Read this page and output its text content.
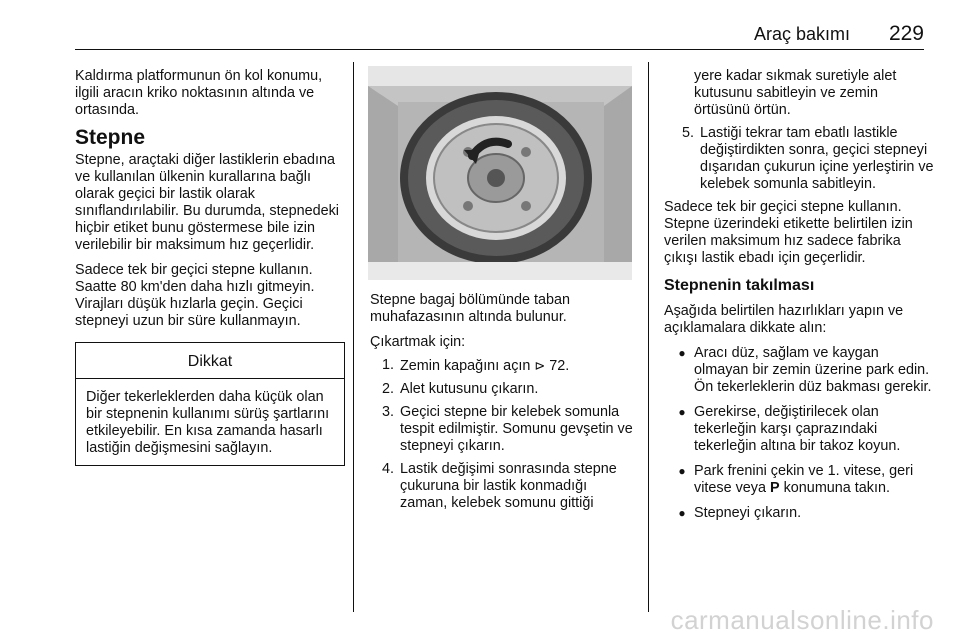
Araç bakımı 229

Kaldırma platformunun ön kol konumu, ilgili aracın kriko noktasının altında ve ortasında.

Stepne

Stepne, araçtaki diğer lastiklerin ebadına ve kullanılan ülkenin kurallarına bağlı olarak geçici bir lastik olarak sınıflandırılabilir. Bu durumda, stepnedeki hiçbir etiket bunu göstermese bile izin verilebilir bir maksimum hız geçerlidir.

Sadece tek bir geçici stepne kullanın. Saatte 80 km'den daha hızlı gitmeyin. Virajları düşük hızlarla geçin. Geçici stepneyi uzun bir süre kullanmayın.

Dikkat
Diğer tekerleklerden daha küçük olan bir stepnenin kullanımı sürüş şartlarını etkileyebilir. En kısa zamanda hasarlı lastiğin değişmesini sağlayın.

Stepne bagaj bölümünde taban muhafazasının altında bulunur.

Çıkartmak için:

1. Zemin kapağını açın ⊳ 72.
2. Alet kutusunu çıkarın.
3. Geçici stepne bir kelebek somunla tespit edilmiştir. Somunu gevşetin ve stepneyi çıkarın.
4. Lastik değişimi sonrasında stepne çukuruna bir lastik konmadığı zaman, kelebek somunu gittiği

yere kadar sıkmak suretiyle alet kutusunu sabitleyin ve zemin örtüsünü örtün.

5. Lastiği tekrar tam ebatlı lastikle değiştirdikten sonra, geçici stepneyi dışarıdan çukurun içine yerleştirin ve kelebek somunla sabitleyin.

Sadece tek bir geçici stepne kullanın. Stepne üzerindeki etikette belirtilen izin verilen maksimum hız sadece fabrika çıkışı lastik ebadı için geçerlidir.

Stepnenin takılması

Aşağıda belirtilen hazırlıkları yapın ve açıklamalara dikkate alın:

● Aracı düz, sağlam ve kaygan olmayan bir zemin üzerine park edin. Ön tekerleklerin düz bakması gerekir.
● Gerekirse, değiştirilecek olan tekerleğin karşı çaprazındaki tekerleğin altına bir takoz koyun.
● Park frenini çekin ve 1. vitese, geri vitese veya P konumuna takın.
● Stepneyi çıkarın.
carmanualsonline.info
